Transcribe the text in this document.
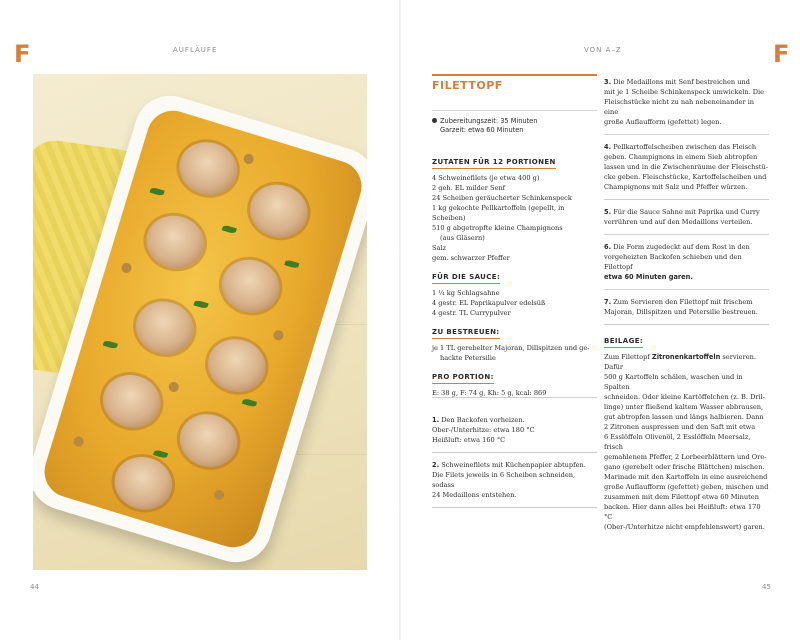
F	AUFLÄUFE	VON A–Z	F
FILETTOPF
Zubereitungszeit: 35 Minuten
Garzeit: etwa 60 Minuten
ZUTATEN FÜR 12 PORTIONEN
4 Schweinefilets (je etwa 400 g)
2 geh. EL milder Senf
24 Scheiben geräucherter Schinkenspeck
1 kg gekochte Pellkartoffeln (gepellt, in Scheiben)
510 g abgetropfte kleine Champignons
(aus Gläsern)
Salz
gem. schwarzer Pfeffer
FÜR DIE SAUCE:
1 ¼ kg Schlagsahne
4 gestr. EL Paprikapulver edelsüß
4 gestr. TL Currypulver
ZU BESTREUEN:
je 1 TL gerebelter Majoran, Dillspitzen und ge-
hackte Petersilie
PRO PORTION:
E: 38 g, F: 74 g, Kh: 5 g, kcal: 869
1. Den Backofen vorheizen.
Ober-/Unterhitze: etwa 180 °C
Heißluft: etwa 160 °C
2. Schweinefilets mit Küchenpapier abtupfen.
Die Filets jeweils in 6 Scheiben schneiden, sodass
24 Medaillons entstehen.
3. Die Medaillons mit Senf bestreichen und
mit je 1 Scheibe Schinkenspeck umwickeln. Die
Fleischstücke nicht zu nah nebeneinander in eine
große Auflaufform (gefettet) legen.
4. Pellkartoffelscheiben zwischen das Fleisch
geben. Champignons in einem Sieb abtropfen
lassen und in die Zwischenräume der Fleischstü-
cke geben. Fleischstücke, Kartoffelscheiben und
Champignons mit Salz und Pfeffer würzen.
5. Für die Sauce Sahne mit Paprika und Curry
verrühren und auf den Medaillons verteilen.
6. Die Form zugedeckt auf dem Rost in den
vorgeheizten Backofen schieben und den Filettopf
etwa 60 Minuten garen.
7. Zum Servieren den Filettopf mit frischem
Majoran, Dillspitzen und Petersilie bestreuen.
BEILAGE:
Zum Filettopf Zitronenkartoffeln servieren. Dafür
500 g Kartoffeln schälen, waschen und in Spalten
schneiden. Oder kleine Kartöffelchen (z. B. Dril-
linge) unter fließend kaltem Wasser abbrausen,
gut abtropfen lassen und längs halbieren. Dann
2 Zitronen auspressen und den Saft mit etwa
6 Esslöffeln Olivenöl, 2 Esslöffeln Meersalz, frisch
gemahlenem Pfeffer, 2 Lorbeerblättern und Ore-
gano (gerebelt oder frische Blättchen) mischen.
Marinade mit den Kartoffeln in eine ausreichend
große Auflaufform (gefettet) geben, mischen und
zusammen mit dem Filettopf etwa 60 Minuten
backen. Hier dann alles bei Heißluft: etwa 170 °C
(Ober-/Unterhitze nicht empfehlenswert) garen.
44	45
